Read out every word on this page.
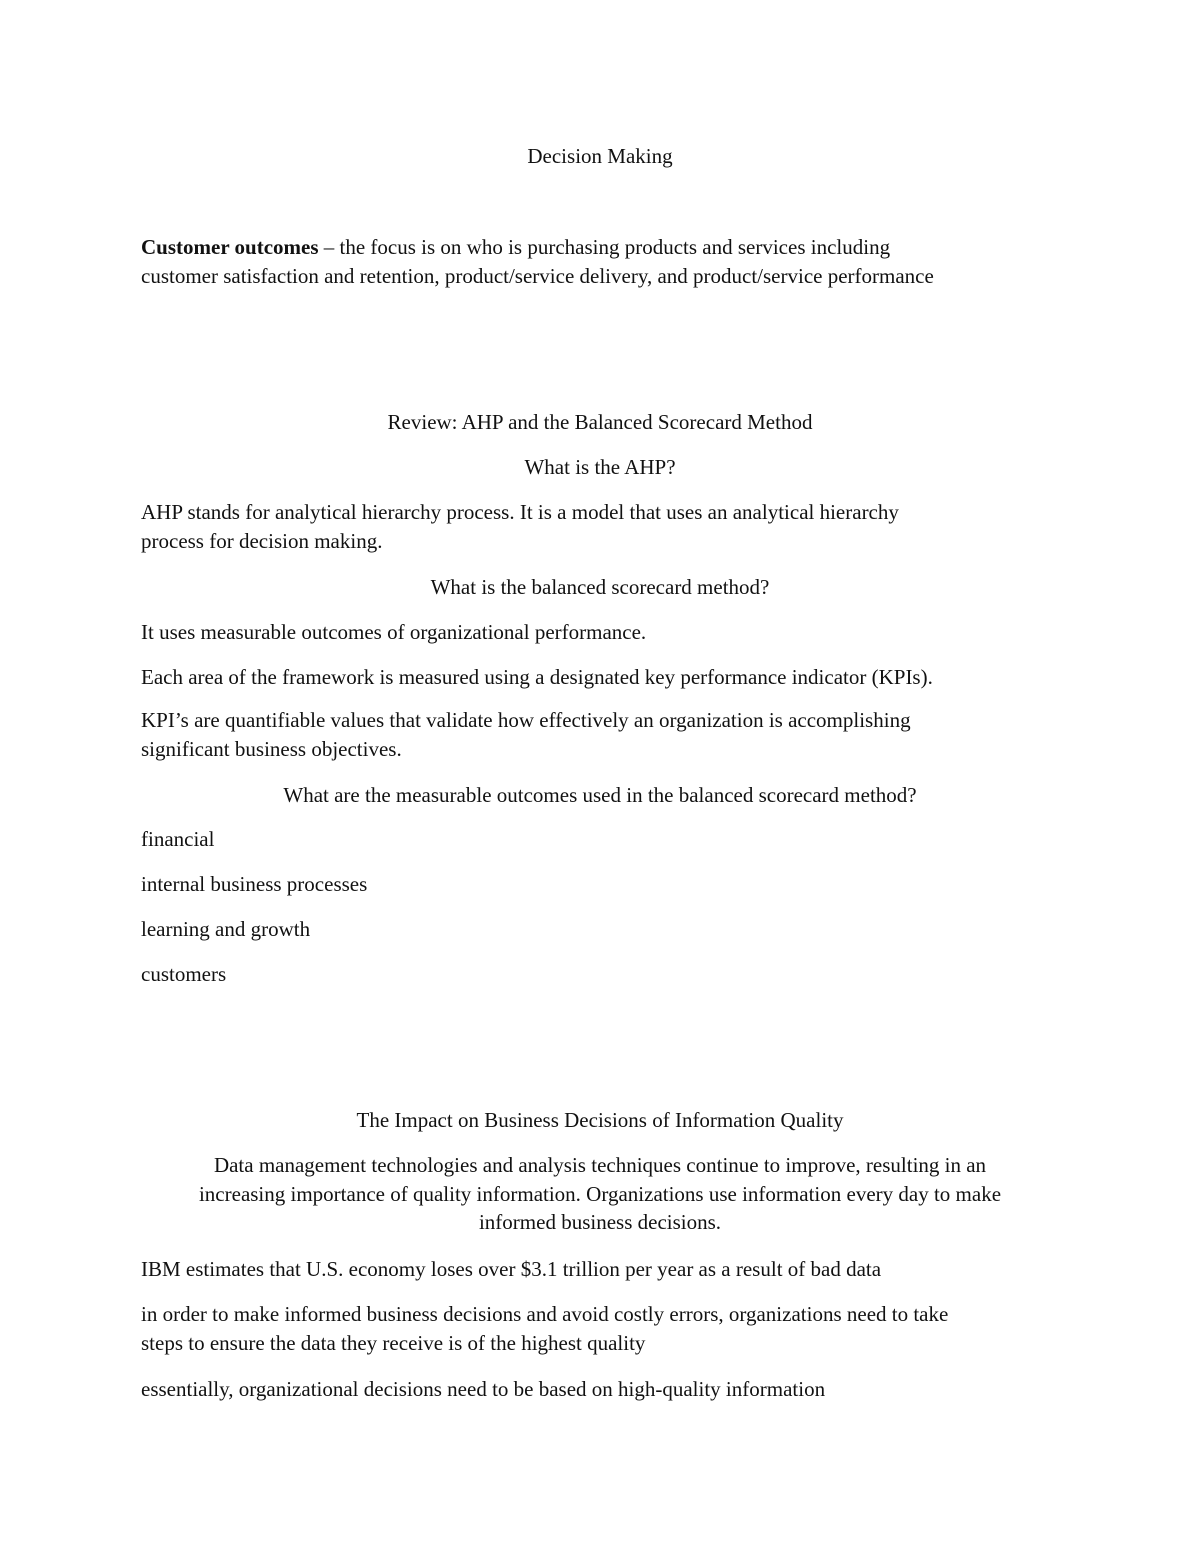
Decision Making

Customer outcomes – the focus is on who is purchasing products and services including

customer satisfaction and retention, product/service delivery, and product/service performance

Review: AHP and the Balanced Scorecard Method

What is the AHP?

AHP stands for analytical hierarchy process. It is a model that uses an analytical hierarchy

process for decision making.

What is the balanced scorecard method?

It uses measurable outcomes of organizational performance.

Each area of the framework is measured using a designated key performance indicator (KPIs).

KPI’s are quantifiable values that validate how effectively an organization is accomplishing

significant business objectives.

What are the measurable outcomes used in the balanced scorecard method?

financial

internal business processes

learning and growth

customers

The Impact on Business Decisions of Information Quality

Data management technologies and analysis techniques continue to improve, resulting in an

increasing importance of quality information. Organizations use information every day to make

informed business decisions.

IBM estimates that U.S. economy loses over $3.1 trillion per year as a result of bad data

in order to make informed business decisions and avoid costly errors, organizations need to take

steps to ensure the data they receive is of the highest quality

essentially, organizational decisions need to be based on high-quality information
